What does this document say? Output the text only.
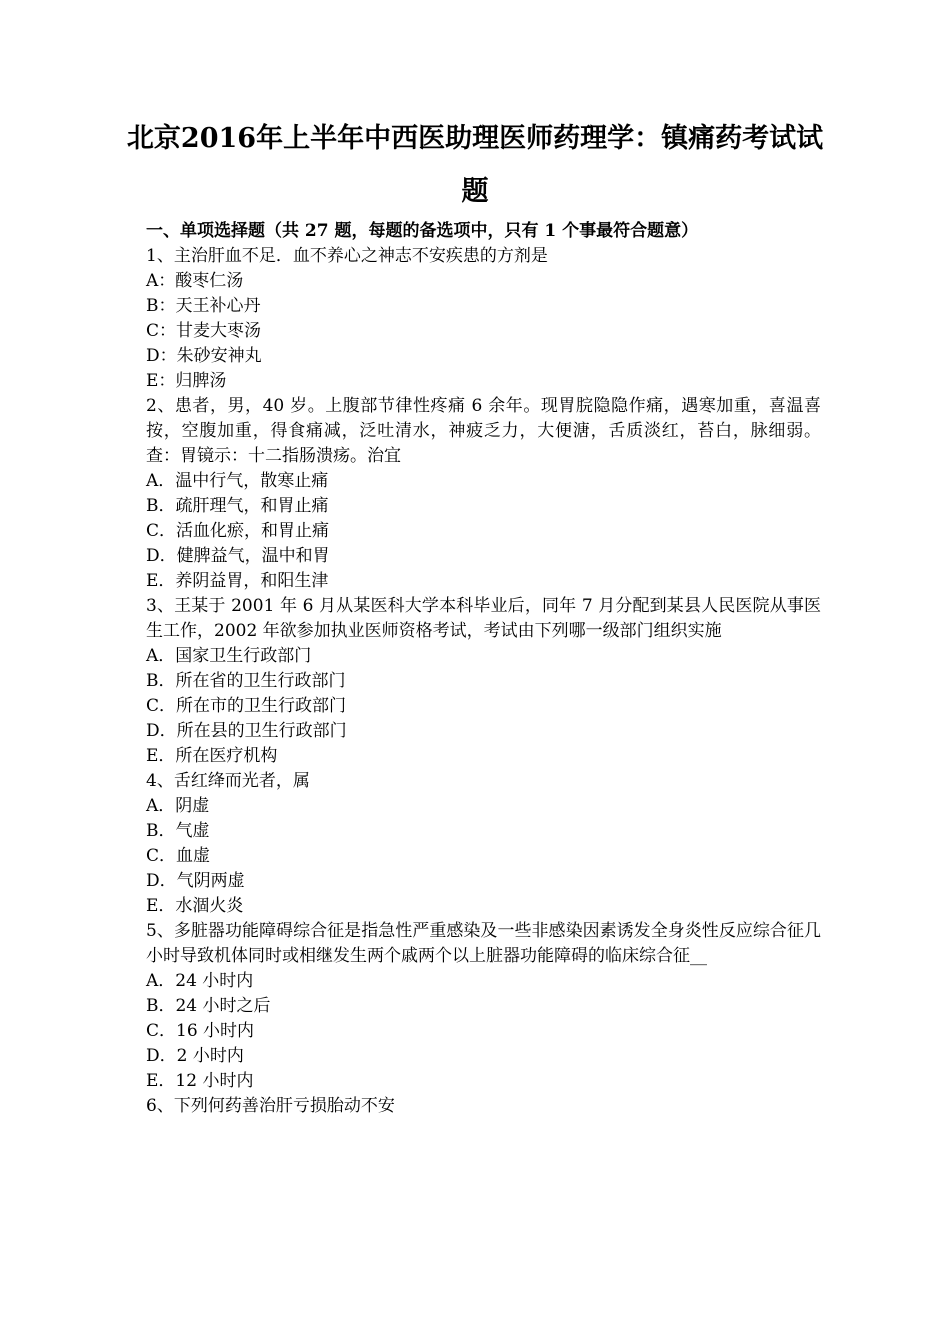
北京2016年上半年中西医助理医师药理学：镇痛药考试试题
一、单项选择题（共 27 题，每题的备选项中，只有 1 个事最符合题意）
1、主治肝血不足．血不养心之神志不安疾患的方剂是
A：酸枣仁汤
B：天王补心丹
C：甘麦大枣汤
D：朱砂安神丸
E：归脾汤
2、患者，男，40 岁。上腹部节律性疼痛 6 余年。现胃脘隐隐作痛，遇寒加重，喜温喜按，空腹加重，得食痛减，泛吐清水，神疲乏力，大便溏，舌质淡红，苔白，脉细弱。查：胃镜示：十二指肠溃疡。治宜
A．温中行气，散寒止痛
B．疏肝理气，和胃止痛
C．活血化瘀，和胃止痛
D．健脾益气，温中和胃
E．养阴益胃，和阳生津
3、王某于 2001 年 6 月从某医科大学本科毕业后，同年 7 月分配到某县人民医院从事医生工作，2002 年欲参加执业医师资格考试，考试由下列哪一级部门组织实施
A．国家卫生行政部门
B．所在省的卫生行政部门
C．所在市的卫生行政部门
D．所在县的卫生行政部门
E．所在医疗机构
4、舌红绛而光者，属
A．阴虚
B．气虚
C．血虚
D．气阴两虚
E．水涸火炎
5、多脏器功能障碍综合征是指急性严重感染及一些非感染因素诱发全身炎性反应综合征几小时导致机体同时或相继发生两个戚两个以上脏器功能障碍的临床综合征__
A．24 小时内
B．24 小时之后
C．16 小时内
D．2 小时内
E．12 小时内
6、下列何药善治肝亏损胎动不安
